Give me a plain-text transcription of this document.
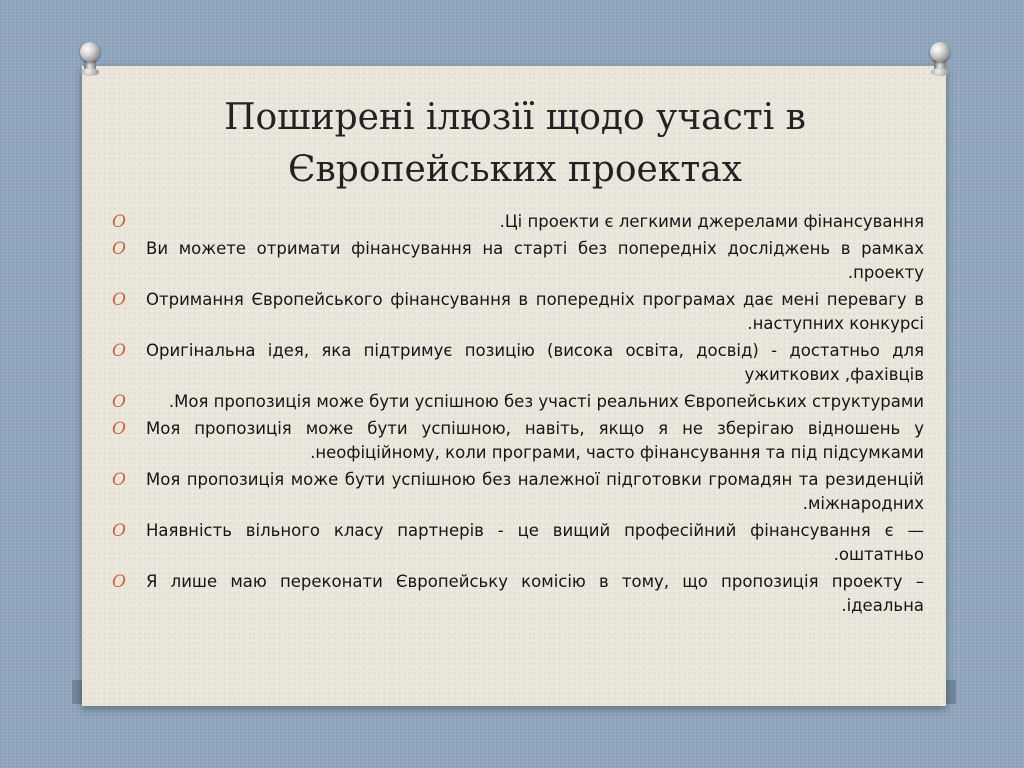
Поширені ілюзії щодо участі в
Європейських проектах
O	Ці проекти є легкими джерелами фінансування.
O Ви можете отримати фінансування на старті без попередніх досліджень в рамках проекту.
O Отримання Європейського фінансування в попередніх програмах дає мені перевагу в наступних конкурсі.
O Оригінальна ідея, яка підтримує позицію (висока освіта, досвід) - достатньо для ужиткових ,фахівців
O	Моя пропозиція може бути успішною без участі реальних Європейських структурами.
O Моя пропозиція може бути успішною, навіть, якщо я не зберігаю відношень у неофіційному, коли програми, часто фінансування та під підсумками.
O Моя пропозиція може бути успішною без належної підготовки громадян та резиденцій міжнародних.
O Наявність вільного класу партнерів - це вищий професійний фінансування є — оштатньо.
O Я лише маю переконати Європейську комісію в тому, що пропозиція проекту – ідеальна.
